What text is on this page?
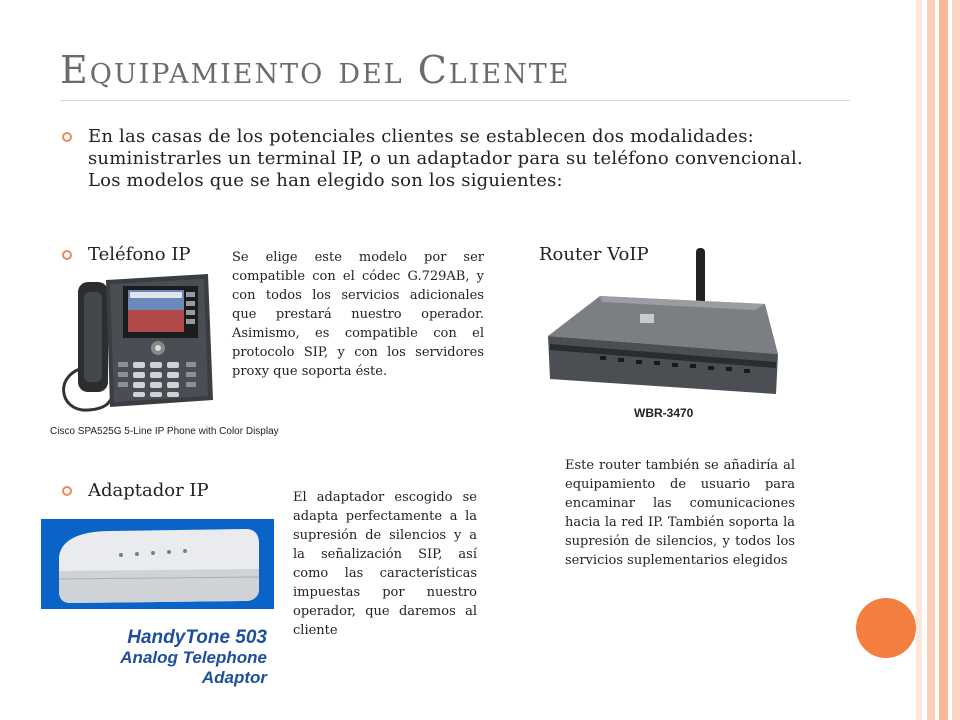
Equipamiento del Cliente
En las casas de los potenciales clientes se establecen dos modalidades: suministrarles un terminal IP, o un adaptador para su teléfono convencional. Los modelos que se han elegido son los siguientes:
Teléfono IP
Cisco SPA525G 5-Line IP Phone with Color Display
Se elige este modelo por ser compatible con el códec G.729AB, y con todos los servicios adicionales que prestará nuestro operador. Asimismo, es compatible con el protocolo SIP, y con los servidores proxy que soporta éste.
Router VoIP
WBR-3470
Este router también se añadiría al equipamiento de usuario para encaminar las comunicaciones hacia la red IP. También soporta la supresión de silencios, y todos los servicios suplementarios elegidos
Adaptador IP
HandyTone 503
Analog Telephone Adaptor
El adaptador escogido se adapta perfectamente a la supresión de silencios y a la señalización SIP, así como las características impuestas por nuestro operador, que daremos al cliente
